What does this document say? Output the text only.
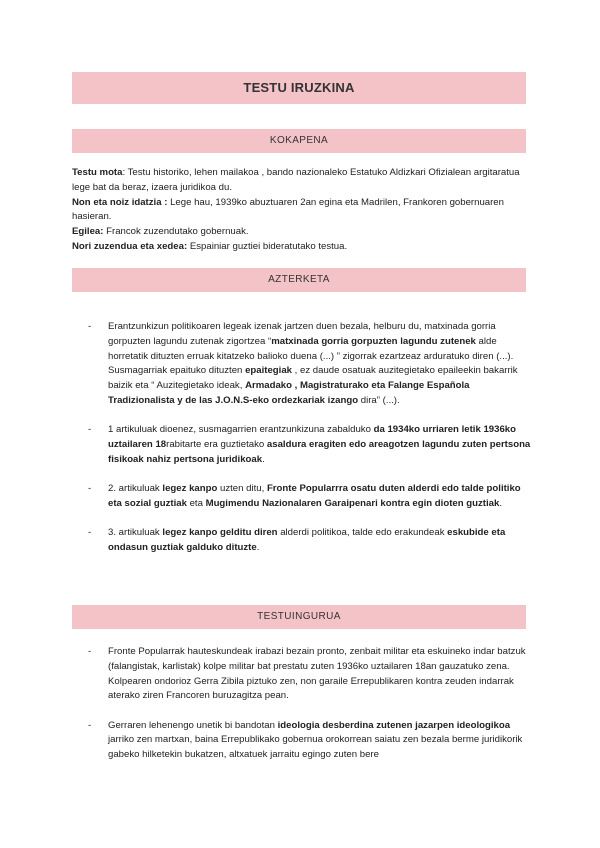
TESTU IRUZKINA
KOKAPENA

Testu mota: Testu historiko, lehen mailakoa , bando nazionaleko Estatuko Aldizkari Ofizialean argitaratua lege bat da beraz, izaera juridikoa du.

Non eta noiz idatzia : Lege hau, 1939ko abuztuaren 2an egina eta Madrilen, Frankoren gobernuaren hasieran.

Egilea: Francok zuzendutako gobernuak.

Nori zuzendua eta xedea: Espainiar guztiei bideratutako testua.

AZTERKETA
- Erantzunkizun politikoaren legeak izenak jartzen duen bezala, helburu du, matxinada gorria gorpuzten lagundu zutenak zigortzea “matxinada gorria gorpuzten lagundu zutenek alde horretatik dituzten erruak kitatzeko balioko duena (...) ” zigorrak ezartzeaz arduratuko diren (...). Susmagarriak epaituko dituzten epaitegiak , ez daude osatuak auzitegietako epaileekin bakarrik baizik eta “ Auzitegietako ideak, Armadako , Magistraturako eta Falange Española Tradizionalista y de las J.O.N.S-eko ordezkariak izango dira” (...).
- 1 artikuluak dioenez, susmagarrien erantzunkizuna zabalduko da 1934ko urriaren letik 1936ko uztailaren 18rabitarte era guztietako asaldura eragiten edo areagotzen lagundu zuten pertsona fisikoak nahiz pertsona juridikoak.
- 2. artikuluak legez kanpo uzten ditu, Fronte Popularrra osatu duten alderdi edo talde politiko eta sozial guztiak eta Mugimendu Nazionalaren Garaipenari kontra egin dioten guztiak.
- 3. artikuluak legez kanpo gelditu diren alderdi politikoa, talde edo erakundeak eskubide eta ondasun guztiak galduko dituzte.
TESTUINGURUA
- Fronte Popularrak hauteskundeak irabazi bezain pronto, zenbait militar eta eskuineko indar batzuk (falangistak, karlistak) kolpe militar bat prestatu zuten 1936ko uztailaren 18an gauzatuko zena. Kolpearen ondorioz Gerra Zibila piztuko zen, non garaile Errepublikaren kontra zeuden indarrak aterako ziren Francoren buruzagitza pean.
- Gerraren lehenengo unetik bi bandotan ideologia desberdina zutenen jazarpen ideologikoa jarriko zen martxan, baina Errepublikako gobernua orokorrean saiatu zen bezala berme juridikorik gabeko hilketekin bukatzen, altxatuek jarraitu egingo zuten bere
